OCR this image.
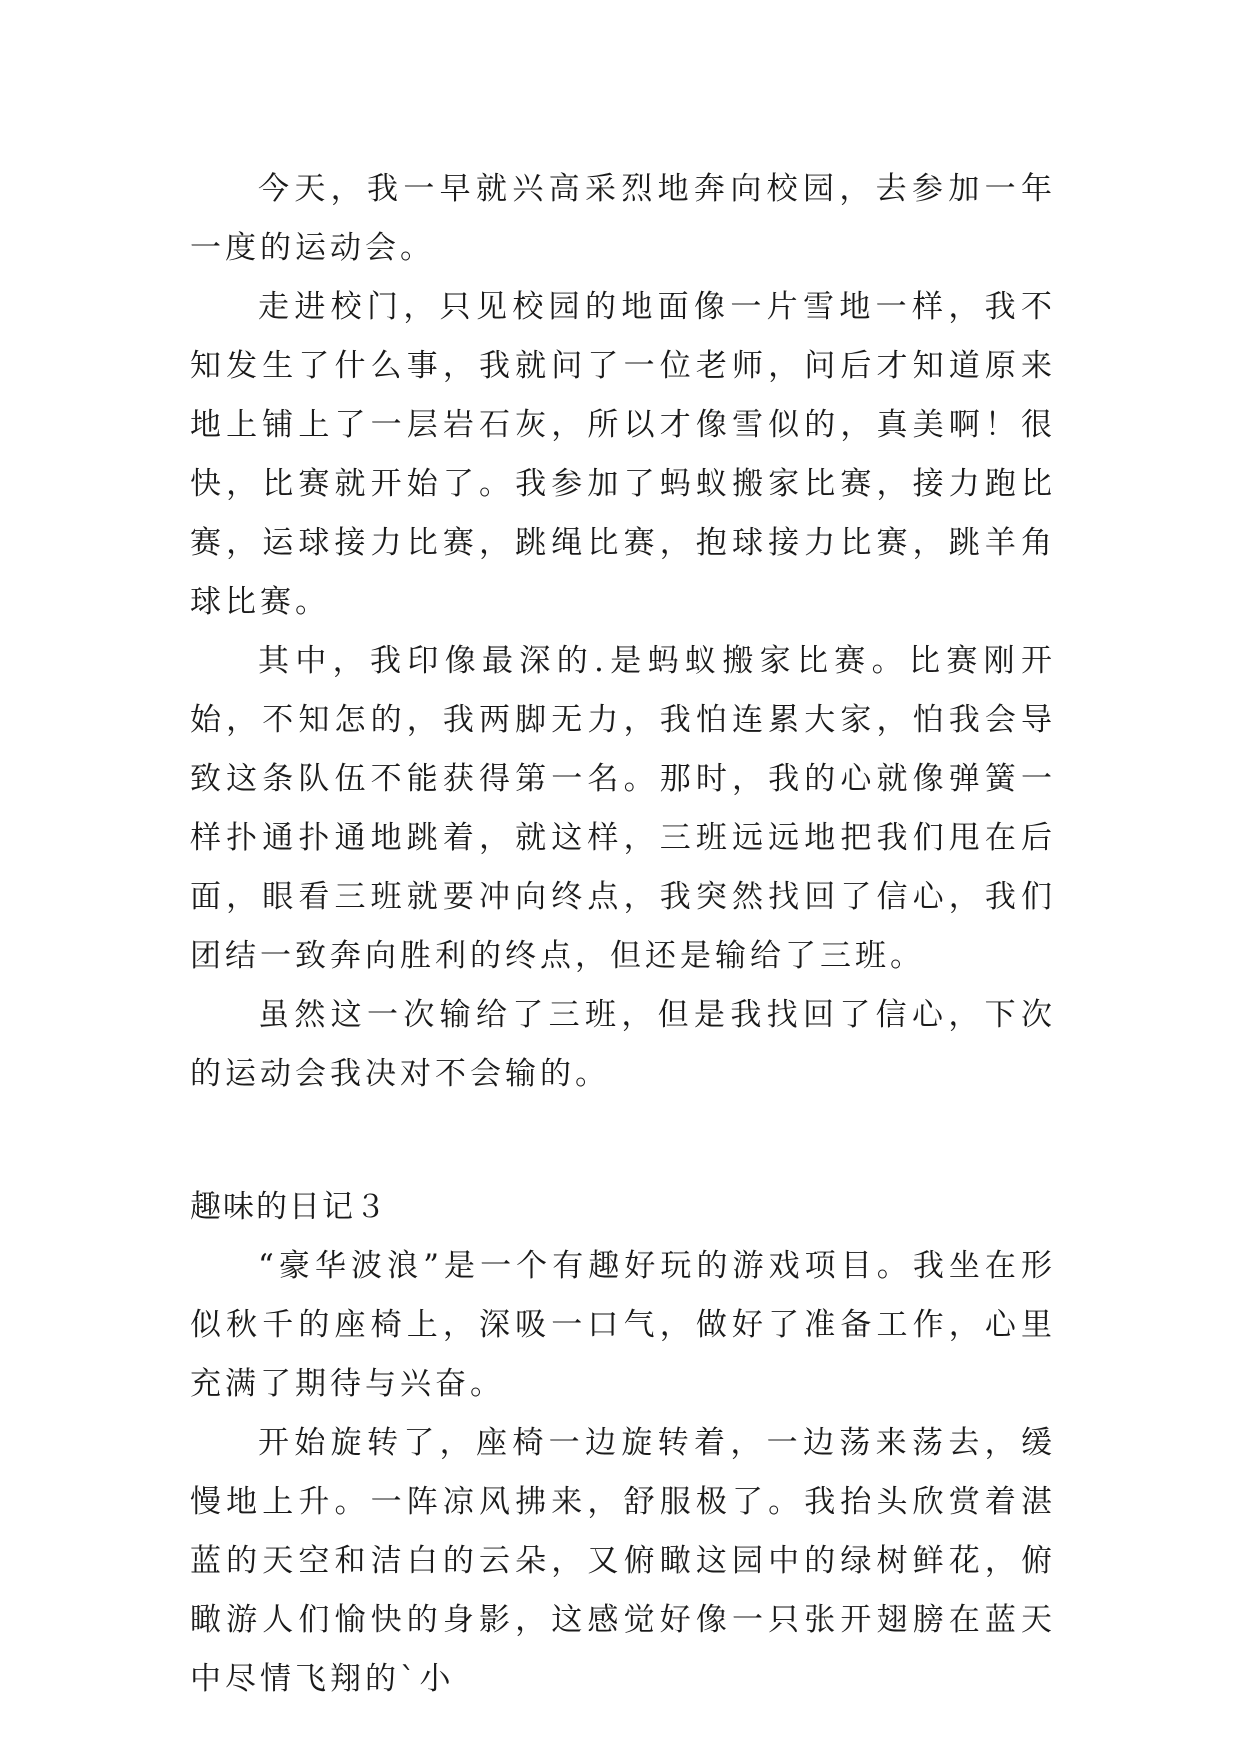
今天，我一早就兴高采烈地奔向校园，去参加一年一度的运动会。

走进校门，只见校园的地面像一片雪地一样，我不知发生了什么事，我就问了一位老师，问后才知道原来地上铺上了一层岩石灰，所以才像雪似的，真美啊！很快，比赛就开始了。我参加了蚂蚁搬家比赛，接力跑比赛，运球接力比赛，跳绳比赛，抱球接力比赛，跳羊角球比赛。

其中，我印像最深的.是蚂蚁搬家比赛。比赛刚开始，不知怎的，我两脚无力，我怕连累大家，怕我会导致这条队伍不能获得第一名。那时，我的心就像弹簧一样扑通扑通地跳着，就这样，三班远远地把我们甩在后面，眼看三班就要冲向终点，我突然找回了信心，我们团结一致奔向胜利的终点，但还是输给了三班。

虽然这一次输给了三班，但是我找回了信心，下次的运动会我决对不会输的。

趣味的日记３

“豪华波浪”是一个有趣好玩的游戏项目。我坐在形似秋千的座椅上，深吸一口气，做好了准备工作，心里充满了期待与兴奋。

开始旋转了，座椅一边旋转着，一边荡来荡去，缓慢地上升。一阵凉风拂来，舒服极了。我抬头欣赏着湛蓝的天空和洁白的云朵，又俯瞰这园中的绿树鲜花，俯瞰游人们愉快的身影，这感觉好像一只张开翅膀在蓝天中尽情飞翔的`小
